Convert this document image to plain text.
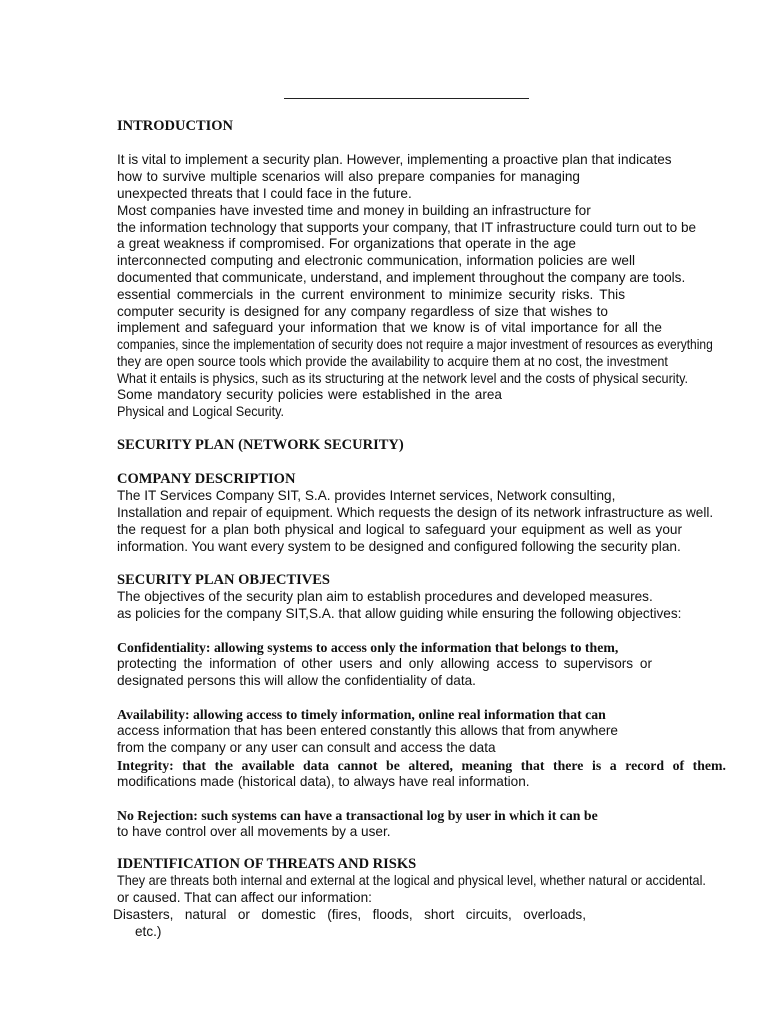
INTRODUCTION

It is vital to implement a security plan. However, implementing a proactive plan that indicates

how to survive multiple scenarios will also prepare companies for managing

unexpected threats that I could face in the future.

Most companies have invested time and money in building an infrastructure for

the information technology that supports your company, that IT infrastructure could turn out to be

a great weakness if compromised. For organizations that operate in the age

interconnected computing and electronic communication, information policies are well

documented that communicate, understand, and implement throughout the company are tools.

essential commercials in the current environment to minimize security risks. This

computer security is designed for any company regardless of size that wishes to

implement and safeguard your information that we know is of vital importance for all the

companies, since the implementation of security does not require a major investment of resources as everything

they are open source tools which provide the availability to acquire them at no cost, the investment

What it entails is physics, such as its structuring at the network level and the costs of physical security.

Some mandatory security policies were established in the area

Physical and Logical Security.

SECURITY PLAN (NETWORK SECURITY)
COMPANY DESCRIPTION

The IT Services Company SIT, S.A. provides Internet services, Network consulting,

Installation and repair of equipment. Which requests the design of its network infrastructure as well.

the request for a plan both physical and logical to safeguard your equipment as well as your

information. You want every system to be designed and configured following the security plan.

SECURITY PLAN OBJECTIVES

The objectives of the security plan aim to establish procedures and developed measures.

as policies for the company SIT,S.A. that allow guiding while ensuring the following objectives:

Confidentiality: allowing systems to access only the information that belongs to them,

protecting the information of other users and only allowing access to supervisors or

designated persons this will allow the confidentiality of data.

Availability: allowing access to timely information, online real information that can

access information that has been entered constantly this allows that from anywhere

from the company or any user can consult and access the data

Integrity: that the available data cannot be altered, meaning that there is a record of them.

modifications made (historical data), to always have real information.

No Rejection: such systems can have a transactional log by user in which it can be

to have control over all movements by a user.

IDENTIFICATION OF THREATS AND RISKS

They are threats both internal and external at the logical and physical level, whether natural or accidental.

or caused. That can affect our information:

Disasters, natural or domestic (fires, floods, short circuits, overloads,

etc.)
